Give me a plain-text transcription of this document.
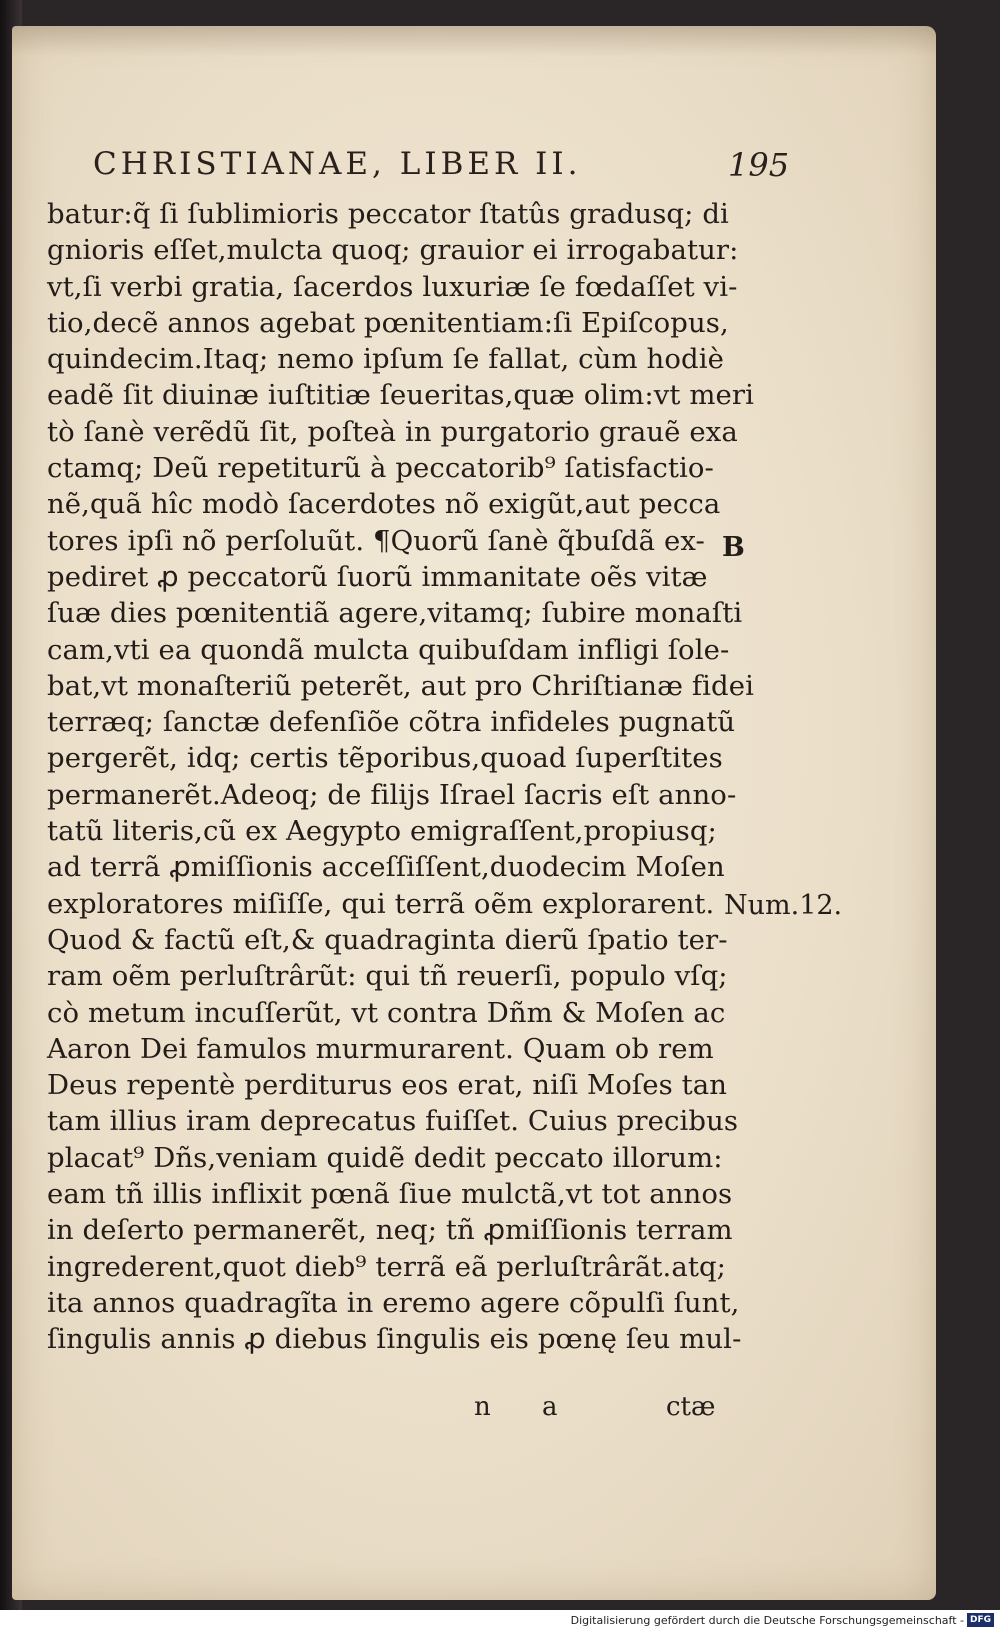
CHRISTIANAE, LIBER II.	195
batur:q̃ ſi ſublimioris peccator ſtatûs gradusq; di
gnioris eſſet,mulcta quoq; grauior ei irrogabatur:
vt,ſi verbi gratia, ſacerdos luxuriæ ſe fœdaſſet vi-
tio,decẽ annos agebat pœnitentiam:ſi Epiſcopus,
quindecim.Itaq; nemo ipſum ſe fallat, cùm hodiè
eadẽ ſit diuinæ iuſtitiæ ſeueritas,quæ olim:vt meri
tò ſanè verẽdũ ſit, poſteà in purgatorio grauẽ exa
ctamq; Deũ repetiturũ à peccatorib⁹ ſatisfactio-
nẽ,quã hîc modò ſacerdotes nõ exigũt,aut pecca
tores ipſi nõ perſoluũt. ¶Quorũ ſanè q̃buſdã ex-
pediret ꝓ peccatorũ ſuorũ immanitate oẽs vitæ
ſuæ dies pœnitentiã agere,vitamq; ſubire monaſti
cam,vti ea quondã mulcta quibuſdam infligi ſole-
bat,vt monaſteriũ peterẽt, aut pro Chriſtianæ fidei
terræq; ſanctæ defenſiõe cõtra infideles pugnatũ
pergerẽt, idq; certis tẽporibus,quoad ſuperſtites
permanerẽt.Adeoq; de filijs Iſrael ſacris eſt anno-
tatũ literis,cũ ex Aegypto emigraſſent,propiusq;
ad terrã ꝓmiſſionis acceſſiſſent,duodecim Moſen
exploratores miſiſſe, qui terrã oẽm explorarent.
Quod & factũ eſt,& quadraginta dierũ ſpatio ter-
ram oẽm perluſtrârũt: qui tñ reuerſi, populo vſq;
cò metum incuſſerũt, vt contra Dñm & Moſen ac
Aaron Dei famulos murmurarent. Quam ob rem
Deus repentè perditurus eos erat, niſi Moſes tan
tam illius iram deprecatus fuiſſet. Cuius precibus
placat⁹ Dñs,veniam quidẽ dedit peccato illorum:
eam tñ illis inflixit pœnã ſiue mulctã,vt tot annos
in deſerto permanerẽt, neq; tñ ꝓmiſſionis terram
ingrederent,quot dieb⁹ terrã eã perluſtrârãt.atq;
ita annos quadragĩta in eremo agere cõpulſi ſunt,
ſingulis annis ꝓ diebus ſingulis eis pœnę ſeu mul-
B
Num.12.
n a	ctæ
Digitalisierung gefördert durch die Deutsche Forschungsgemeinschaft - DFG
